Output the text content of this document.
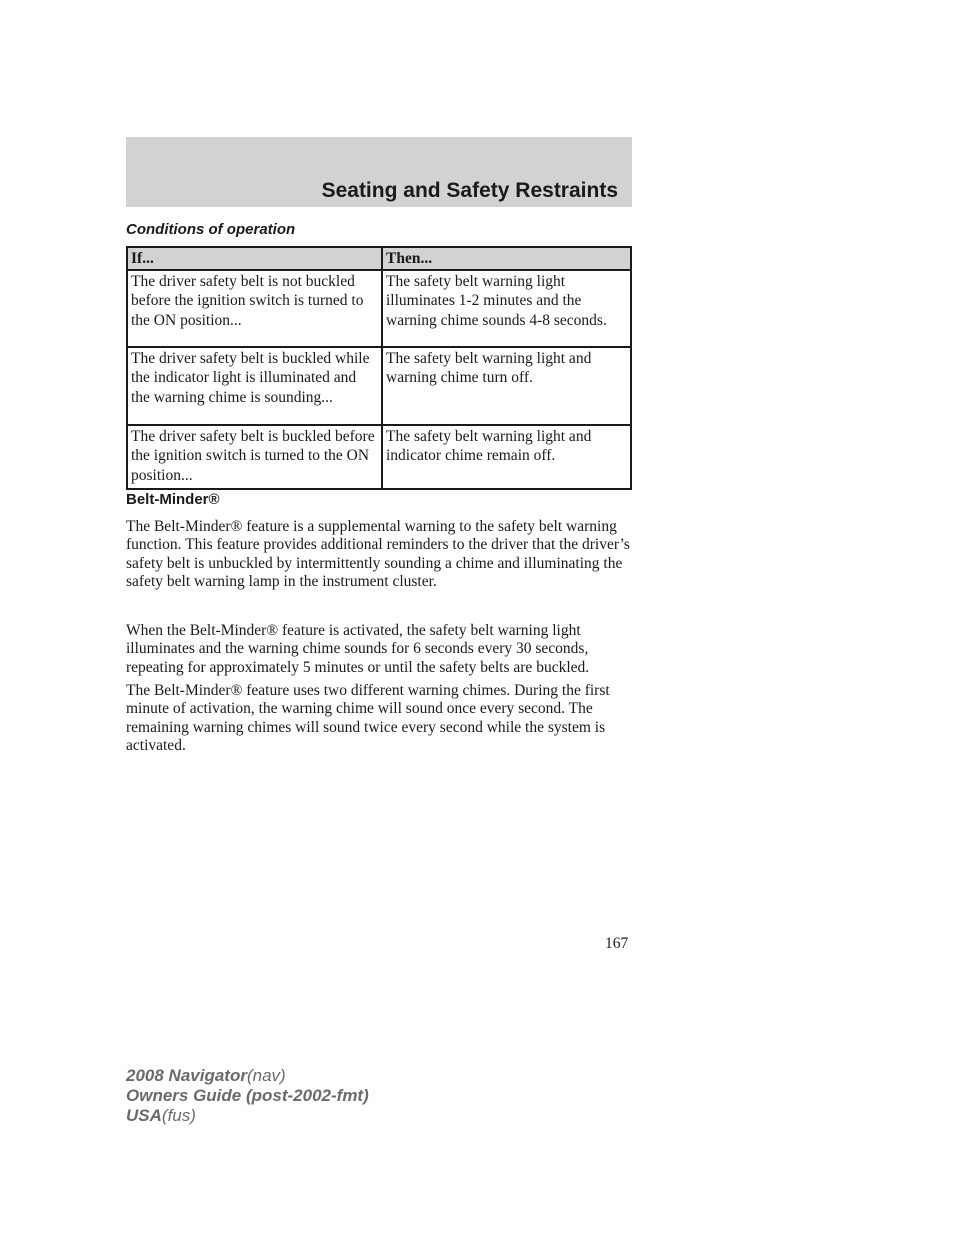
Seating and Safety Restraints
Conditions of operation
If...	Then...
The driver safety belt is not buckled before the ignition switch is turned to the ON position...	The safety belt warning light illuminates 1-2 minutes and the warning chime sounds 4-8 seconds.
The driver safety belt is buckled while the indicator light is illuminated and the warning chime is sounding...	The safety belt warning light and warning chime turn off.
The driver safety belt is buckled before the ignition switch is turned to the ON position...	The safety belt warning light and indicator chime remain off.
Belt-Minder®

The Belt-Minder® feature is a supplemental warning to the safety belt warning function. This feature provides additional reminders to the driver that the driver’s safety belt is unbuckled by intermittently sounding a chime and illuminating the safety belt warning lamp in the instrument cluster.

When the Belt-Minder® feature is activated, the safety belt warning light illuminates and the warning chime sounds for 6 seconds every 30 seconds, repeating for approximately 5 minutes or until the safety belts are buckled.

The Belt-Minder® feature uses two different warning chimes. During the first minute of activation, the warning chime will sound once every second. The remaining warning chimes will sound twice every second while the system is activated.

167
2008 Navigator(nav)
Owners Guide (post-2002-fmt)
USA(fus)
